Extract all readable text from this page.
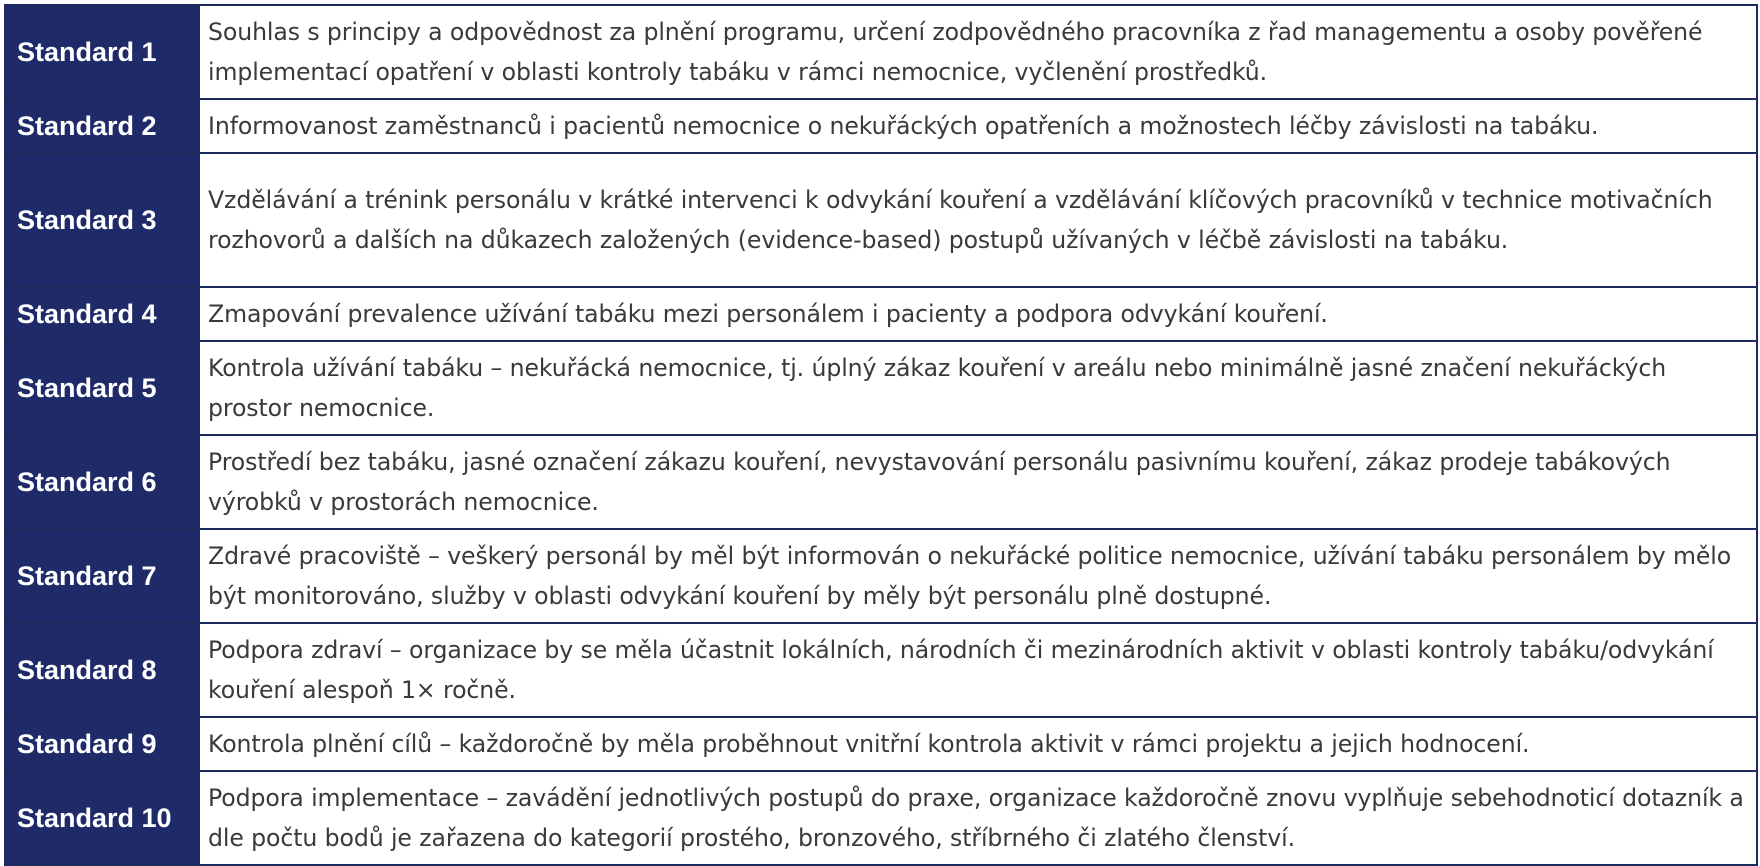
Standard 1	Souhlas s principy a odpovědnost za plnění programu, určení zodpovědného pracovníka z řad managementu a osoby pověřené implementací opatření v oblasti kontroly tabáku v rámci nemocnice, vyčlenění prostředků.
Standard 2	Informovanost zaměstnanců i pacientů nemocnice o nekuřáckých opatřeních a možnostech léčby závislosti na tabáku.
Standard 3	Vzdělávání a trénink personálu v krátké intervenci k odvykání kouření a vzdělávání klíčových pracovníků v technice motivačních rozhovorů a dalších na důkazech založených (evidence-based) postupů užívaných v léčbě závislosti na tabáku.
Standard 4	Zmapování prevalence užívání tabáku mezi personálem i pacienty a podpora odvykání kouření.
Standard 5	Kontrola užívání tabáku – nekuřácká nemocnice, tj. úplný zákaz kouření v areálu nebo minimálně jasné značení nekuřáckých prostor nemocnice.
Standard 6	Prostředí bez tabáku, jasné označení zákazu kouření, nevystavování personálu pasivnímu kouření, zákaz prodeje tabákových výrobků v prostorách nemocnice.
Standard 7	Zdravé pracoviště – veškerý personál by měl být informován o nekuřácké politice nemocnice, užívání tabáku personálem by mělo být monitorováno, služby v oblasti odvykání kouření by měly být personálu plně dostupné.
Standard 8	Podpora zdraví – organizace by se měla účastnit lokálních, národních či mezinárodních aktivit v oblasti kontroly tabáku/odvykání kouření alespoň 1× ročně.
Standard 9	Kontrola plnění cílů – každoročně by měla proběhnout vnitřní kontrola aktivit v rámci projektu a jejich hodnocení.
Standard 10	Podpora implementace – zavádění jednotlivých postupů do praxe, organizace každoročně znovu vyplňuje sebehodnoticí dotazník a dle počtu bodů je zařazena do kategorií prostého, bronzového, stříbrného či zlatého členství.
